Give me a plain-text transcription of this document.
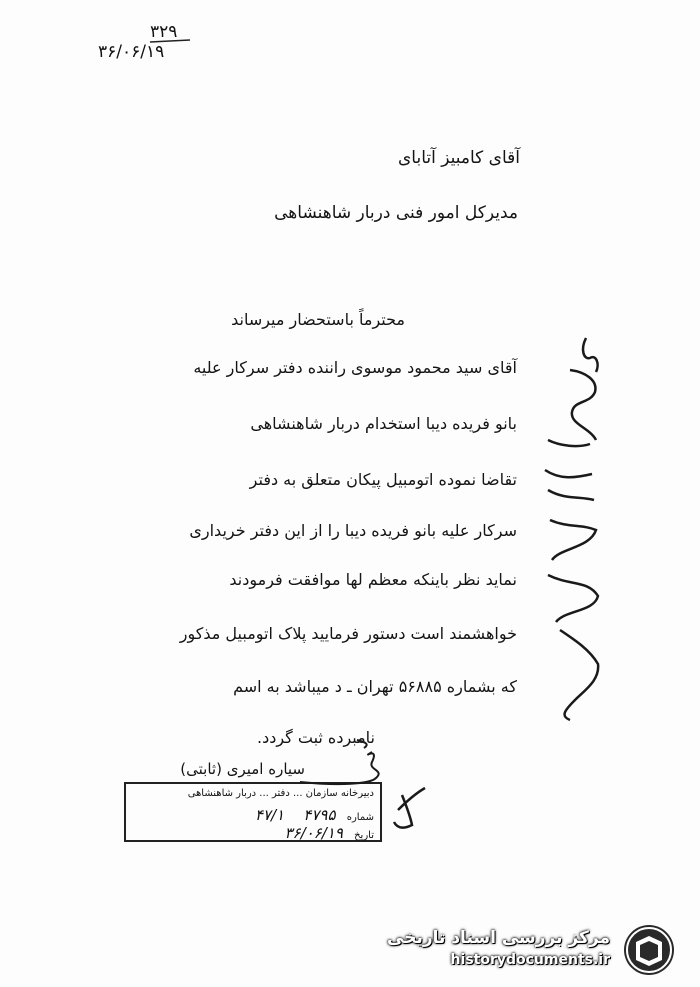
۳۲۹
۳۶/۰۶/۱۹
آقای کامبیز آتابای
مدیرکل امور فنی دربار شاهنشاهی
محترماً باستحضار میرساند
آقای سید محمود موسوی راننده دفتر سرکار علیه
بانو فریده دیبا استخدام دربار شاهنشاهی
تقاضا نموده اتومبیل پیکان متعلق به دفتر
سرکار علیه بانو فریده دیبا را از این دفتر خریداری
نماید نظر باینکه معظم لها موافقت فرمودند
خواهشمند است دستور فرمایید پلاک اتومبیل مذکور
که بشماره ۵۶۸۸۵ تهران ـ د میباشد به اسم
نامبرده ثبت گردد.
سیاره امیری (ثابتی)
دبیرخانه سازمان ... دفتر ... دربار شاهنشاهی
شماره ۴۷۹۵ ۴۷/۱
تاریخ ۳۶/۰۶/۱۹
مرکز بررسی اسناد تاریخی
historydocuments.ir
